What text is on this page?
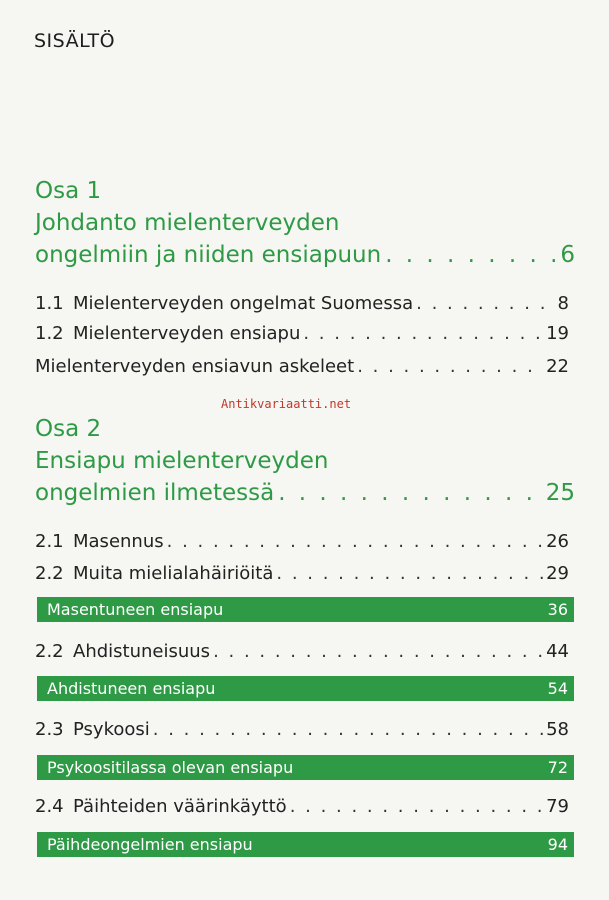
SISÄLTÖ
Osa 1
Johdanto mielenterveyden
ongelmiin ja niiden ensiapuun . . .	6
1.1 Mielenterveyden ongelmat Suomessa . . .	8
1.2 Mielenterveyden ensiapu . . .	19
Mielenterveyden ensiavun askeleet . . .	22
Antikvariaatti.net
Osa 2
Ensiapu mielenterveyden
ongelmien ilmetessä . . .	25
2.1 Masennus . . .	26
2.2 Muita mielialahäiriöitä . . .	29
Masentuneen ensiapu	36
2.2 Ahdistuneisuus . . .	44
Ahdistuneen ensiapu	54
2.3 Psykoosi . . .	58
Psykoositilassa olevan ensiapu	72
2.4 Päihteiden väärinkäyttö . . .	79
Päihdeongelmien ensiapu	94
